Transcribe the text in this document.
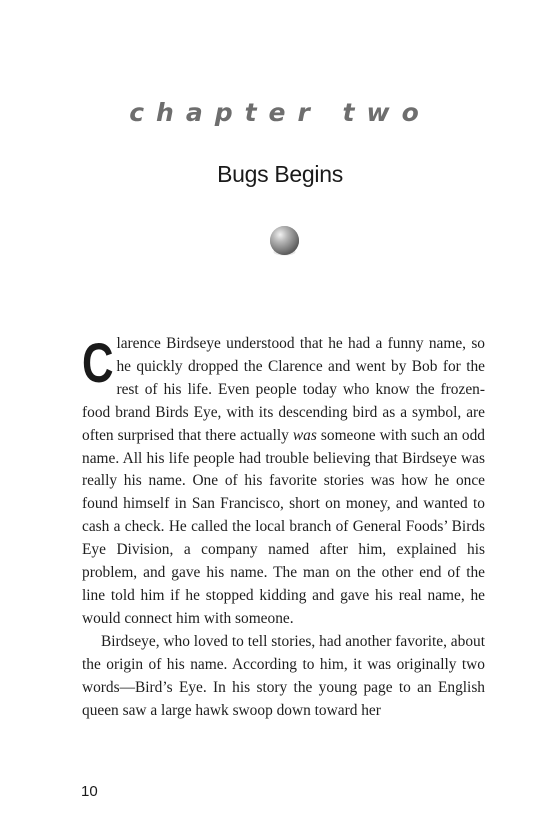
chapter two
Bugs Begins

Clarence Birdseye understood that he had a funny name, so he quickly dropped the Clarence and went by Bob for the rest of his life. Even people today who know the frozen-food brand Birds Eye, with its descending bird as a symbol, are often surprised that there actually was someone with such an odd name. All his life people had trouble believing that Birdseye was really his name. One of his favorite stories was how he once found himself in San Francisco, short on money, and wanted to cash a check. He called the local branch of General Foods’ Birds Eye Division, a company named after him, explained his problem, and gave his name. The man on the other end of the line told him if he stopped kidding and gave his real name, he would connect him with someone.

Birdseye, who loved to tell stories, had another favorite, about the origin of his name. According to him, it was originally two words—Bird’s Eye. In his story the young page to an English queen saw a large hawk swoop down toward her

10
